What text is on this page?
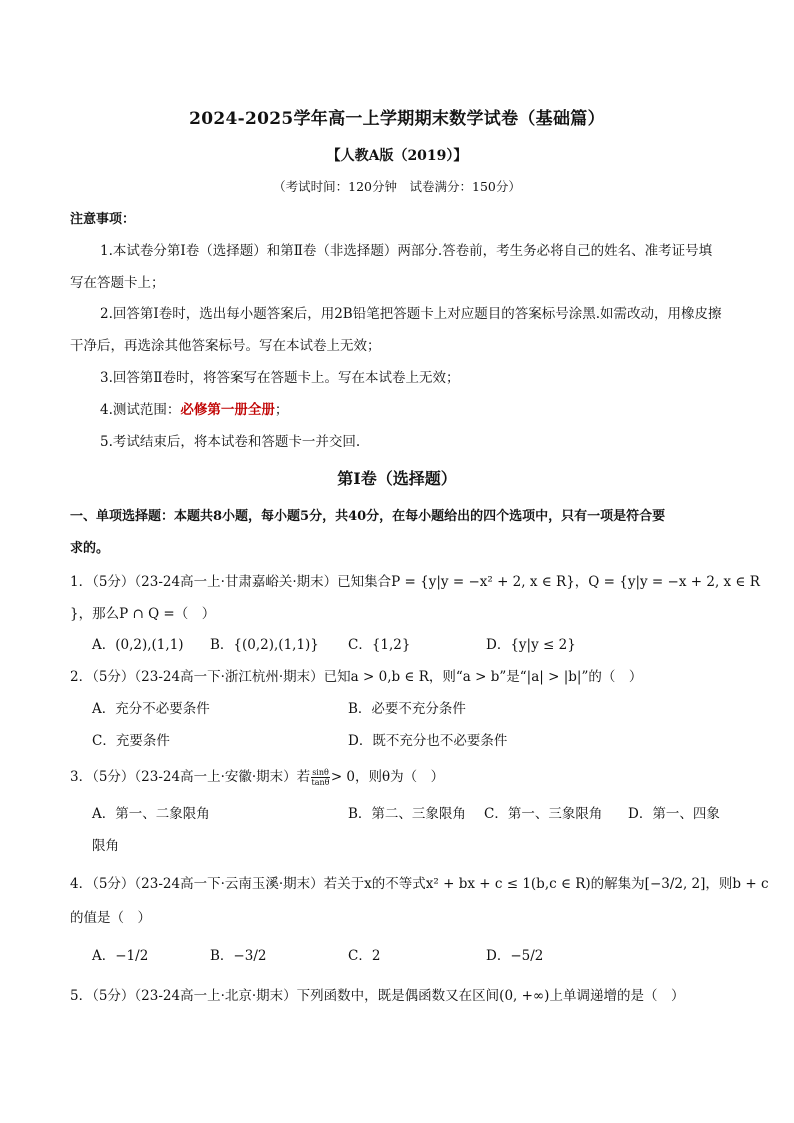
2024-2025学年高一上学期期末数学试卷（基础篇）
【人教A版（2019）】
（考试时间：120分钟　试卷满分：150分）
注意事项：
1.本试卷分第Ⅰ卷（选择题）和第Ⅱ卷（非选择题）两部分.答卷前，考生务必将自己的姓名、准考证号填
写在答题卡上；
2.回答第Ⅰ卷时，选出每小题答案后，用2B铅笔把答题卡上对应题目的答案标号涂黑.如需改动，用橡皮擦
干净后，再选涂其他答案标号。写在本试卷上无效；
3.回答第Ⅱ卷时，将答案写在答题卡上。写在本试卷上无效；
4.测试范围：必修第一册全册；
5.考试结束后，将本试卷和答题卡一并交回.
第I卷（选择题）
一、单项选择题：本题共8小题，每小题5分，共40分，在每小题给出的四个选项中，只有一项是符合要
求的。
1．（5分）（23-24高一上·甘肃嘉峪关·期末）已知集合P = {y|y = −x² + 2, x ∈ R}，Q = {y|y = −x + 2, x ∈ R
}，那么P ∩ Q =（　）
A．(0,2),(1,1) B．{(0,2),(1,1)} C．{1,2}	D．{y|y ≤ 2}
2．（5分）（23-24高一下·浙江杭州·期末）已知a > 0,b ∈ R，则“a > b”是“|a| > |b|”的（　）
A．充分不必要条件	B．必要不充分条件
C．充要条件	D．既不充分也不必要条件
3．（5分）（23-24高一上·安徽·期末）若 $\frac{\sin\theta}{\tan\theta} > 0$，则θ为（　）
A．第一、二象限角	B．第二、三象限角 C．第一、三象限角 D．第一、四象
限角
4．（5分）（23-24高一下·云南玉溪·期末）若关于x的不等式x² + bx + c ≤ 1(b,c ∈ R)的解集为[−3/2, 2]，则b + c
的值是（　）
A．−1/2	B．−3/2	C．2	D．−5/2
5．（5分）（23-24高一上·北京·期末）下列函数中，既是偶函数又在区间(0, +∞)上单调递增的是（　）
